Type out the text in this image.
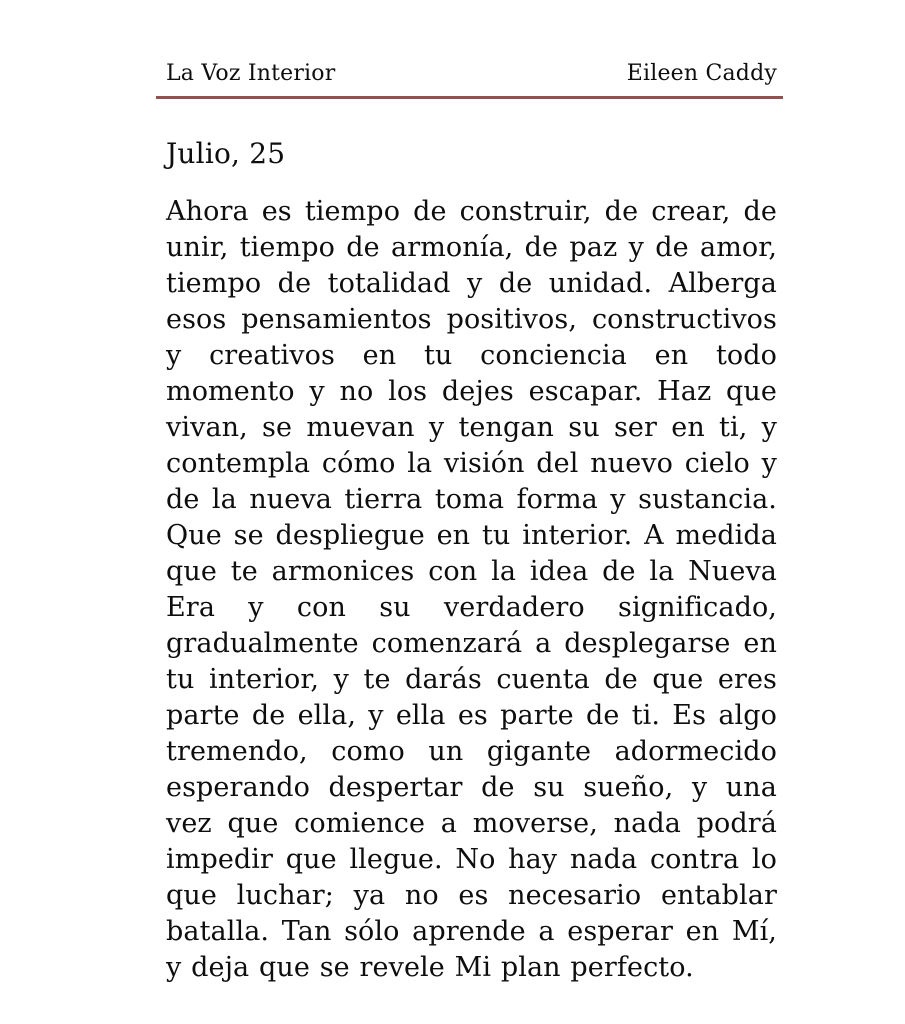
La Voz Interior	Eileen Caddy
Julio, 25

Ahora es tiempo de construir, de crear, de unir, tiempo de armonía, de paz y de amor, tiempo de totalidad y de unidad. Alberga esos pensamientos positivos, constructivos y creativos en tu conciencia en todo momento y no los dejes escapar. Haz que vivan, se muevan y tengan su ser en ti, y contempla cómo la visión del nuevo cielo y de la nueva tierra toma forma y sustancia. Que se despliegue en tu interior. A medida que te armonices con la idea de la Nueva Era y con su verdadero significado, gradualmente comenzará a desplegarse en tu interior, y te darás cuenta de que eres parte de ella, y ella es parte de ti. Es algo tremendo, como un gigante adormecido esperando despertar de su sueño, y una vez que comience a moverse, nada podrá impedir que llegue. No hay nada contra lo que luchar; ya no es necesario entablar batalla. Tan sólo aprende a esperar en Mí, y deja que se revele Mi plan perfecto.
